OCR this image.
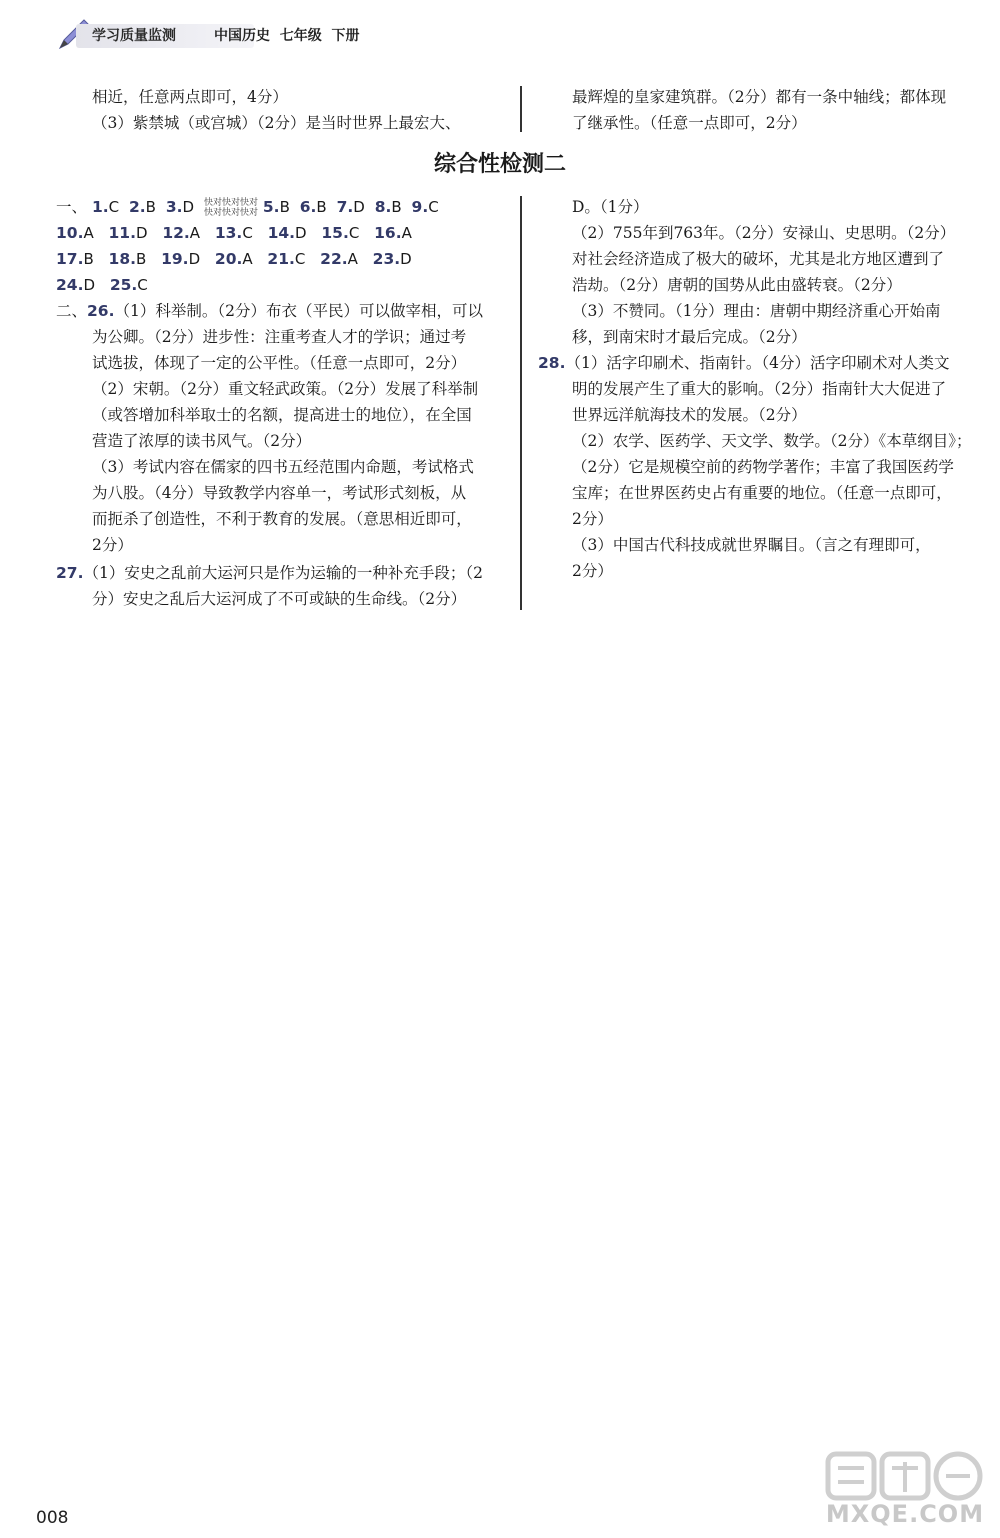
学习质量监测	中国历史  七年级  下册
相近，任意两点即可，4分）
（3）紫禁城（或宫城）（2分）是当时世界上最宏大、
最辉煌的皇家建筑群。（2分）都有一条中轴线；都体现
了继承性。（任意一点即可，2分）
综合性检测二
一、 1.C 2.B 3.D 快对快对快对
快对快对快对 5.B 6.B 7.D 8.B 9.C
10.A 11.D 12.A 13.C 14.D 15.C 16.A
17.B 18.B 19.D 20.A 21.C 22.A 23.D
24.D 25.C
二、26.（1）科举制。（2分）布衣（平民）可以做宰相，可以
为公卿。（2分）进步性：注重考查人才的学识；通过考
试选拔，体现了一定的公平性。（任意一点即可，2分）
（2）宋朝。（2分）重文轻武政策。（2分）发展了科举制
（或答增加科举取士的名额，提高进士的地位），在全国
营造了浓厚的读书风气。（2分）
（3）考试内容在儒家的四书五经范围内命题，考试格式
为八股。（4分）导致教学内容单一，考试形式刻板，从
而扼杀了创造性，不利于教育的发展。（意思相近即可，
2分）
27.（1）安史之乱前大运河只是作为运输的一种补充手段；（2
分）安史之乱后大运河成了不可或缺的生命线。（2分）
D。（1分）
（2）755年到763年。（2分）安禄山、史思明。（2分）
对社会经济造成了极大的破坏，尤其是北方地区遭到了
浩劫。（2分）唐朝的国势从此由盛转衰。（2分）
（3）不赞同。（1分）理由：唐朝中期经济重心开始南
移，到南宋时才最后完成。（2分）
28.（1）活字印刷术、指南针。（4分）活字印刷术对人类文
明的发展产生了重大的影响。（2分）指南针大大促进了
世界远洋航海技术的发展。（2分）
（2）农学、医药学、天文学、数学。（2分）《本草纲目》；
（2分）它是规模空前的药物学著作；丰富了我国医药学
宝库；在世界医药史占有重要的地位。（任意一点即可，
2分）
（3）中国古代科技成就世界瞩目。（言之有理即可，
2分）
008	MXQE.COM
